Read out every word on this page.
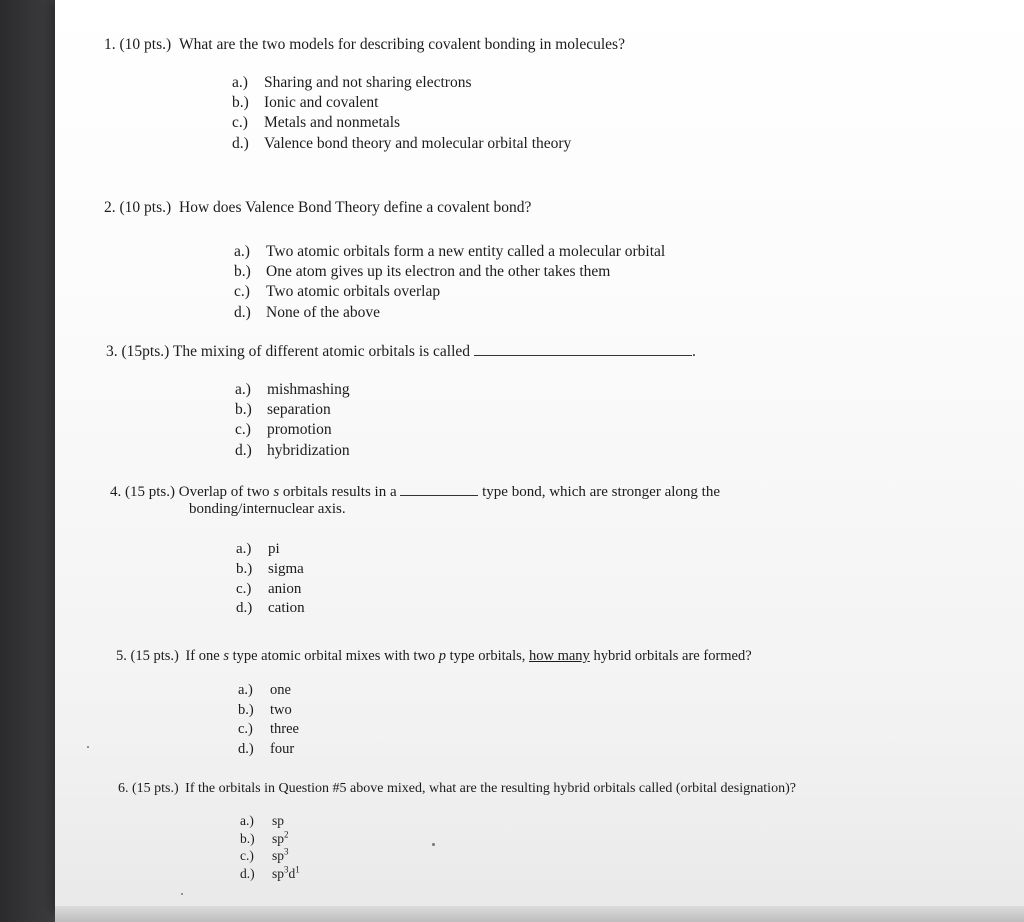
1. (10 pts.) What are the two models for describing covalent bonding in molecules?
a.)	Sharing and not sharing electrons
b.) Ionic and covalent
c.)	Metals and nonmetals
d.) Valence bond theory and molecular orbital theory
2. (10 pts.) How does Valence Bond Theory define a covalent bond?
a.)	Two atomic orbitals form a new entity called a molecular orbital
b.) One atom gives up its electron and the other takes them
c.)	Two atomic orbitals overlap
d.) None of the above
3. (15pts.) The mixing of different atomic orbitals is called	.
a.)	mishmashing
b.) separation
c.)	promotion
d.) hybridization
4. (15 pts.) Overlap of two s orbitals results in a	type bond, which are stronger along the
bonding/internuclear axis.
a.)	pi
b.)	sigma
c.)	anion
d.)	cation
5. (15 pts.) If one s type atomic orbital mixes with two p type orbitals, how many hybrid orbitals are formed?
a.)	one
b.)	two
c.)	three
d.)	four
6. (15 pts.) If the orbitals in Question #5 above mixed, what are the resulting hybrid orbitals called (orbital designation)?
a.)	sp
b.)	$sp^2$
c.)	$sp^3$
d.)	$sp^3d^1$
